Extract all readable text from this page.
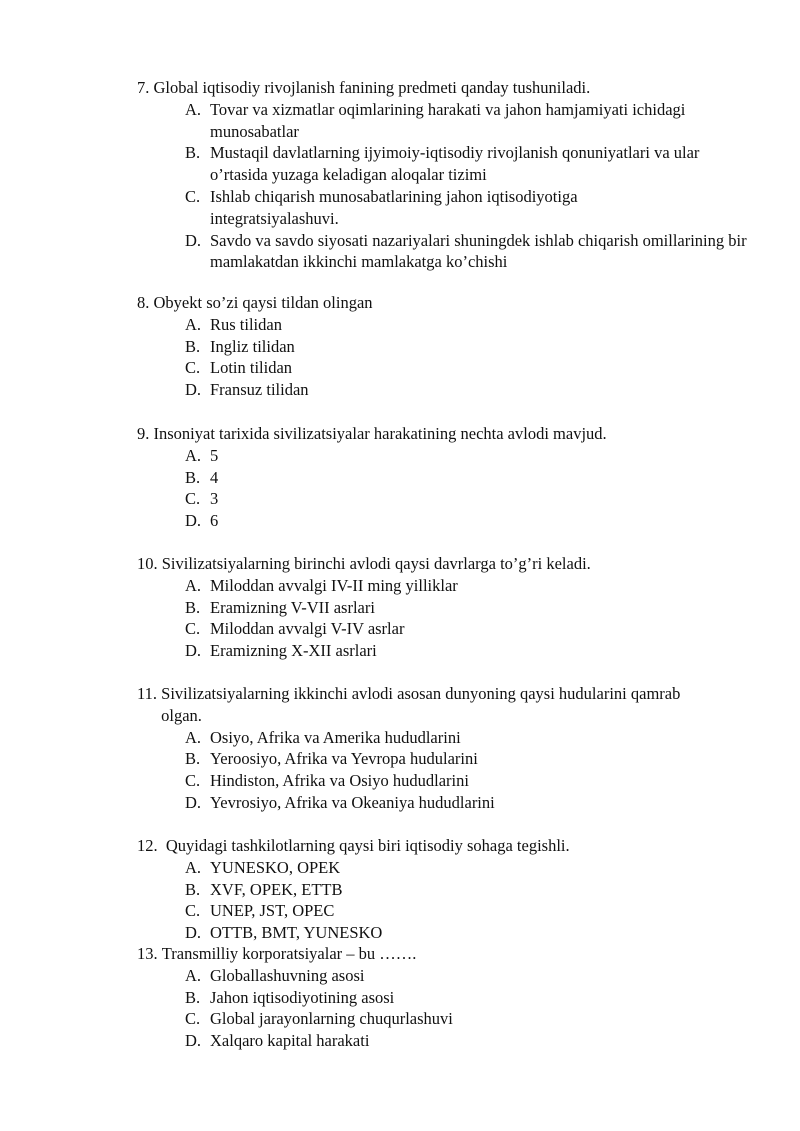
7.
Global iqtisodiy rivojlanish fanining predmeti qanday tushuniladi.
A. Tovar va xizmatlar oqimlarining harakati va jahon hamjamiyati ichidagi munosabatlar
B. Mustaqil davlatlarning ijyimoiy-iqtisodiy rivojlanish qonuniyatlari va ular o’rtasida yuzaga keladigan aloqalar tizimi
C. Ishlab chiqarish munosabatlarining jahon iqtisodiyotiga integratsiyalashuvi.
D. Savdo va savdo siyosati nazariyalari shuningdek ishlab chiqarish omillarining bir mamlakatdan ikkinchi mamlakatga ko’chishi
8.
Obyekt so’zi qaysi tildan olingan
A. Rus tilidan
B. Ingliz tilidan
C. Lotin tilidan
D. Fransuz tilidan
9.
Insoniyat tarixida sivilizatsiyalar harakatining nechta avlodi mavjud.
A. 5
B. 4
C. 3
D. 6
10.
Sivilizatsiyalarning birinchi avlodi qaysi davrlarga to’g’ri keladi.
A. Miloddan avvalgi IV-II ming yilliklar
B. Eramizning V-VII asrlari
C. Miloddan avvalgi V-IV asrlar
D. Eramizning X-XII asrlari
11.
Sivilizatsiyalarning ikkinchi avlodi asosan dunyoning qaysi hudularini qamrab olgan.
A. Osiyo, Afrika va Amerika hududlarini
B. Yeroosiyo, Afrika va Yevropa hudularini
C. Hindiston, Afrika va Osiyo hududlarini
D. Yevrosiyo, Afrika va Okeaniya hududlarini
12.
Quyidagi tashkilotlarning qaysi biri iqtisodiy sohaga tegishli.
A. YUNESKO, OPEK
B. XVF, OPEK, ETTB
C. UNEP, JST, OPEC
D. OTTB, BMT, YUNESKO
13.
Transmilliy korporatsiyalar – bu …….
A. Globallashuvning asosi
B. Jahon iqtisodiyotining asosi
C. Global jarayonlarning chuqurlashuvi
D. Xalqaro kapital harakati
